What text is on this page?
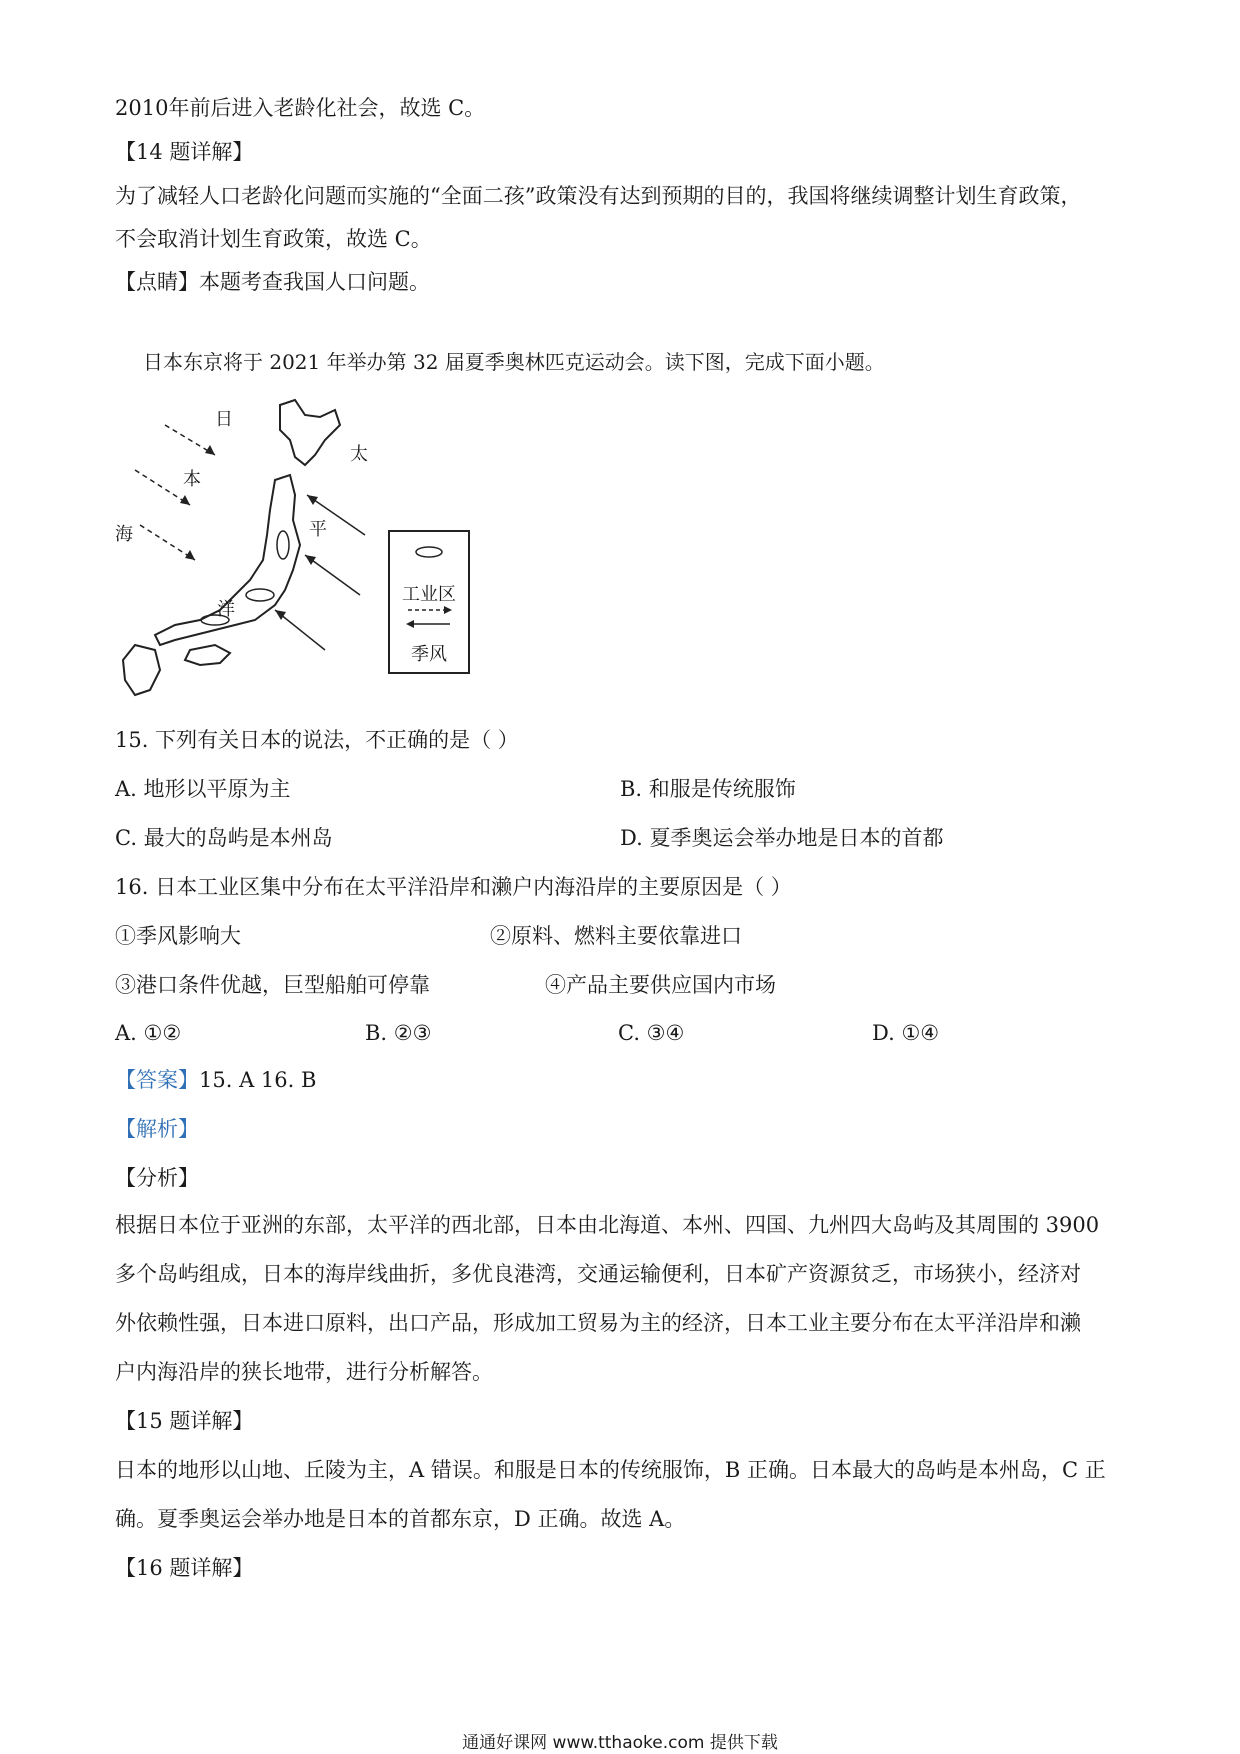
2010年前后进入老龄化社会，故选 C。
【14 题详解】
为了减轻人口老龄化问题而实施的“全面二孩”政策没有达到预期的目的，我国将继续调整计划生育政策，
不会取消计划生育政策，故选 C。
【点睛】本题考查我国人口问题。
日本东京将于 2021 年举办第 32 届夏季奥林匹克运动会。读下图，完成下面小题。
日
本
海
太
平
洋
工业区
季风
15. 下列有关日本的说法，不正确的是（ ）
A. 地形以平原为主	B. 和服是传统服饰
C. 最大的岛屿是本州岛	D. 夏季奥运会举办地是日本的首都
16. 日本工业区集中分布在太平洋沿岸和濑户内海沿岸的主要原因是（ ）
①季风影响大	②原料、燃料主要依靠进口
③港口条件优越，巨型船舶可停靠	④产品主要供应国内市场
A. ①②	B. ②③	C. ③④	D. ①④
【答案】15. A 16. B
【解析】
【分析】
根据日本位于亚洲的东部，太平洋的西北部，日本由北海道、本州、四国、九州四大岛屿及其周围的 3900
多个岛屿组成，日本的海岸线曲折，多优良港湾，交通运输便利，日本矿产资源贫乏，市场狭小，经济对
外依赖性强，日本进口原料，出口产品，形成加工贸易为主的经济，日本工业主要分布在太平洋沿岸和濑
户内海沿岸的狭长地带，进行分析解答。
【15 题详解】
日本的地形以山地、丘陵为主，A 错误。和服是日本的传统服饰，B 正确。日本最大的岛屿是本州岛，C 正
确。夏季奥运会举办地是日本的首都东京，D 正确。故选 A。
【16 题详解】
通通好课网 www.tthaoke.com 提供下载
